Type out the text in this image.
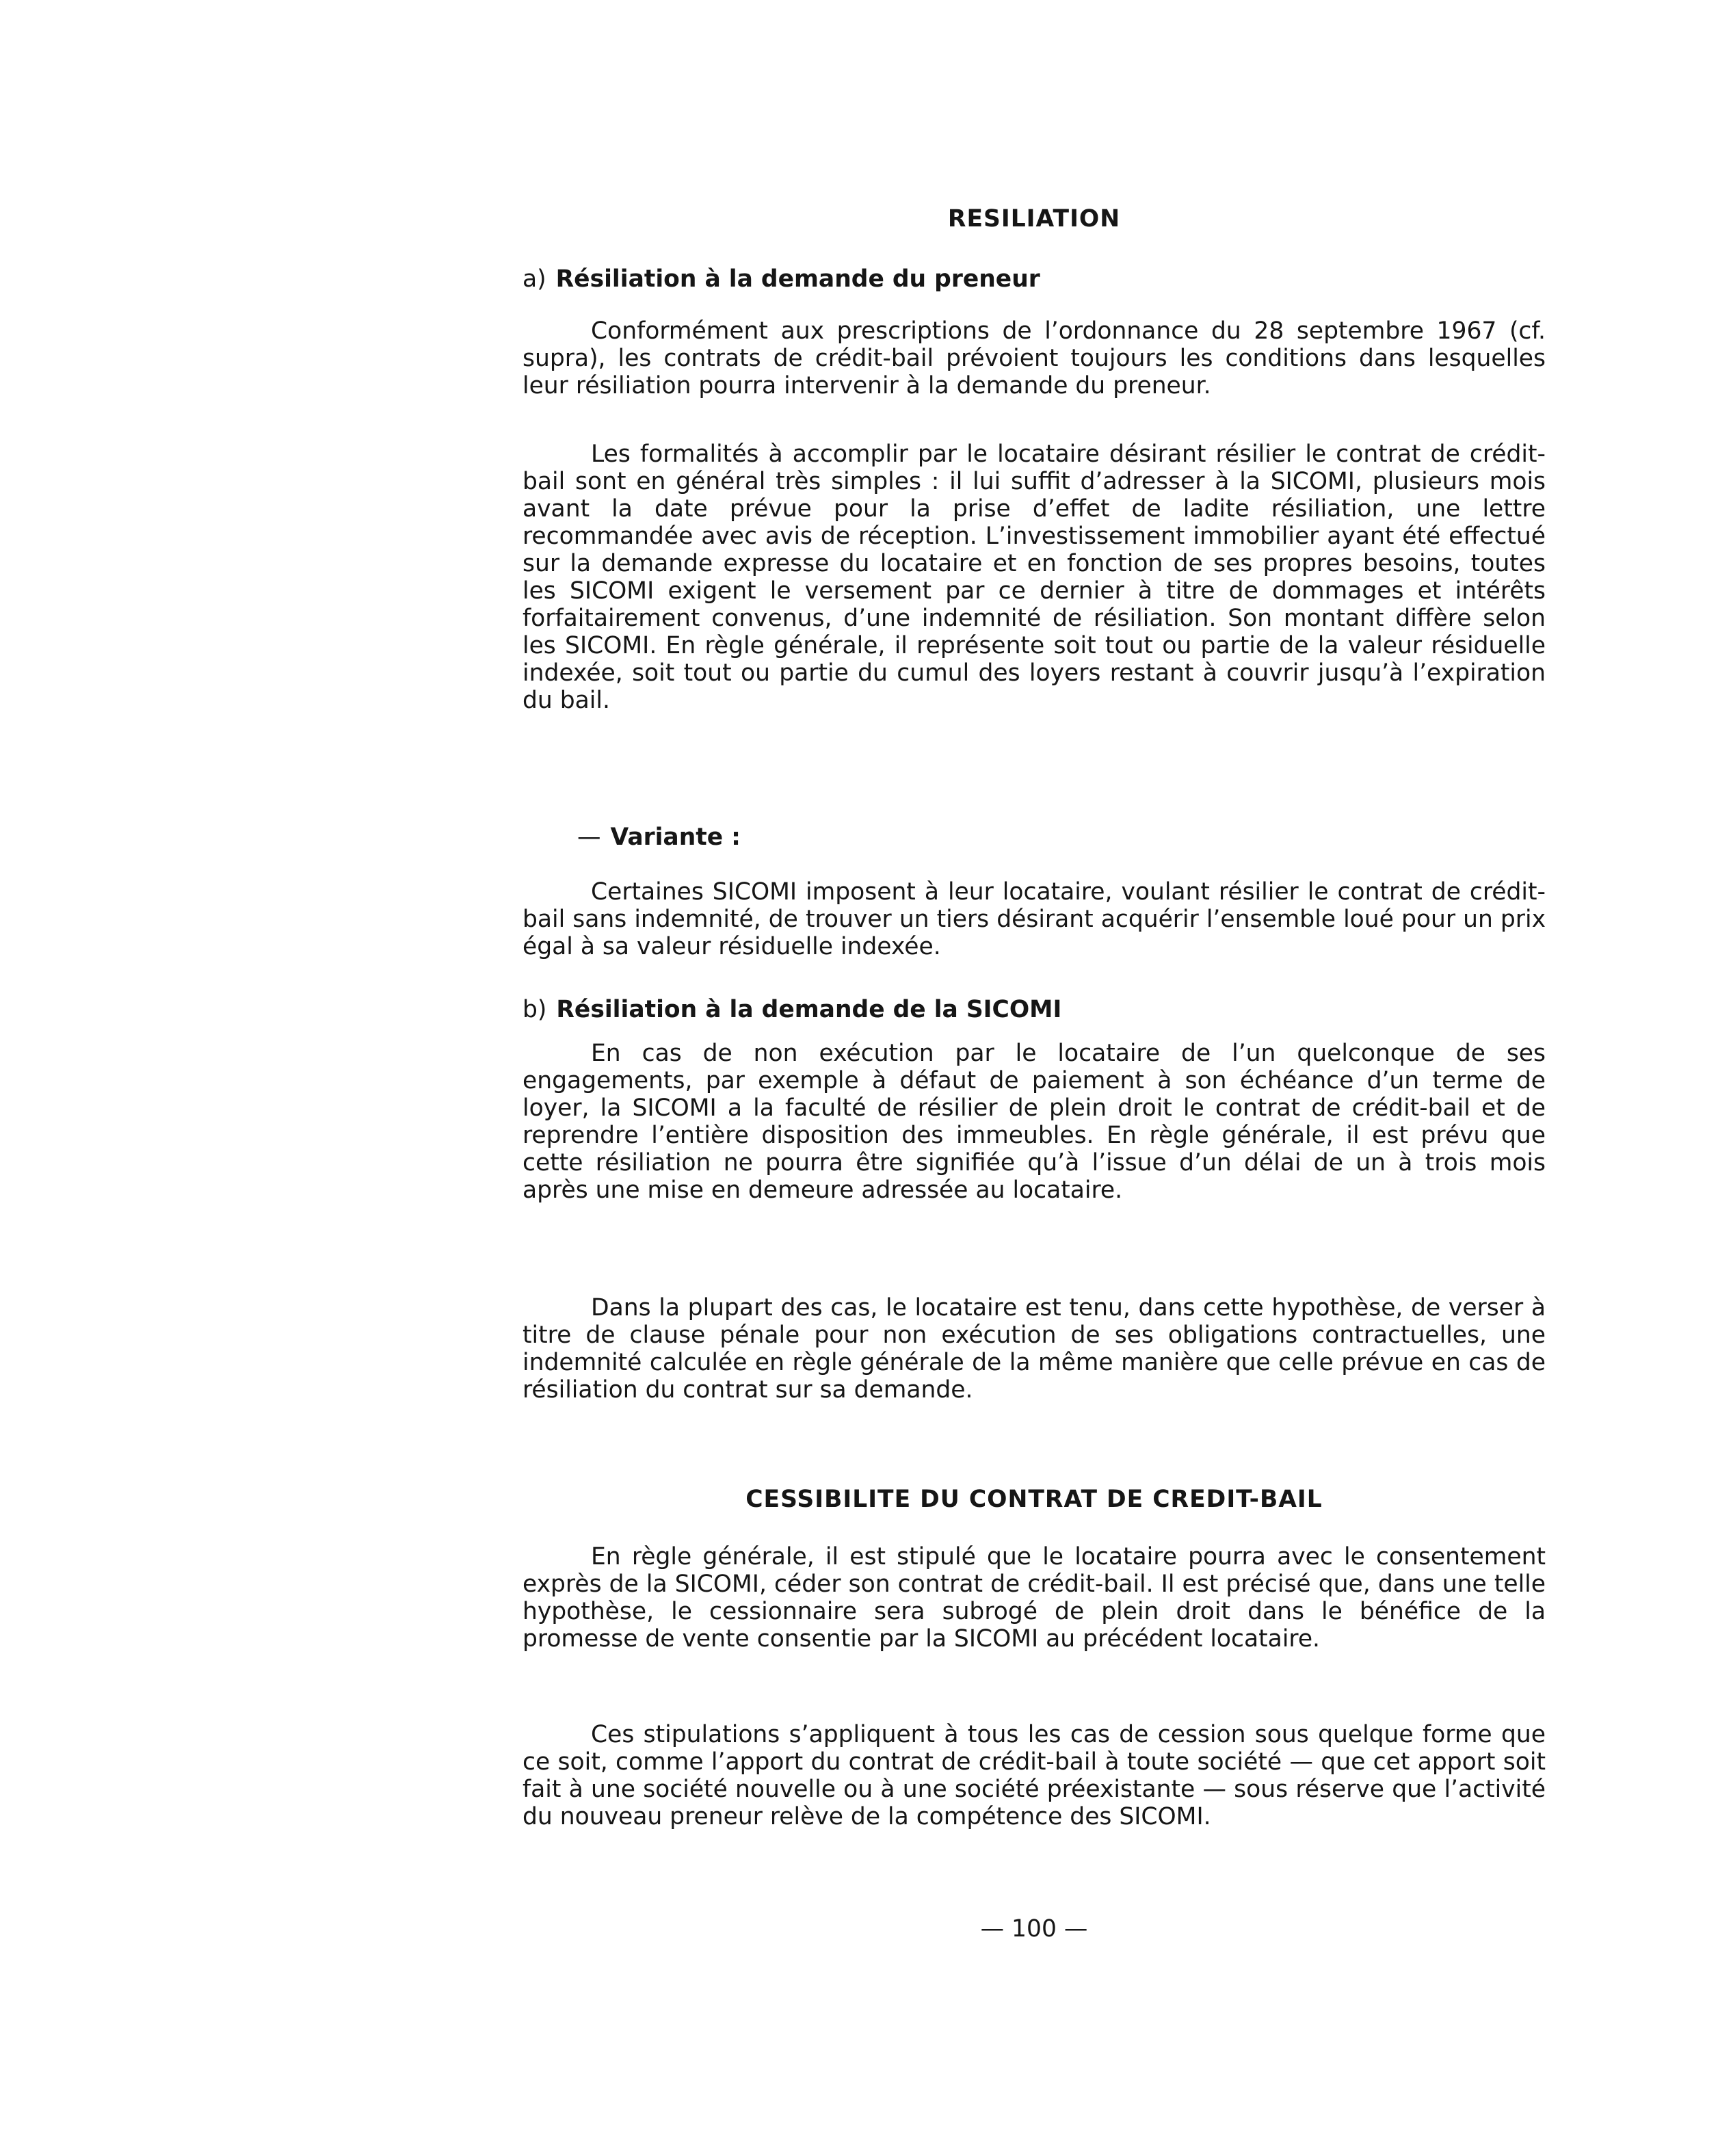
RESILIATION
a) Résiliation à la demande du preneur

Conformément aux prescriptions de l’ordonnance du 28 septembre 1967 (cf. supra), les contrats de crédit-bail prévoient toujours les conditions dans lesquelles leur résiliation pourra intervenir à la demande du preneur.

Les formalités à accomplir par le locataire désirant résilier le contrat de crédit-bail sont en général très simples : il lui suffit d’adresser à la SICOMI, plusieurs mois avant la date prévue pour la prise d’effet de ladite résiliation, une lettre recommandée avec avis de réception. L’investissement immobilier ayant été effectué sur la demande expresse du locataire et en fonction de ses propres besoins, toutes les SICOMI exigent le versement par ce dernier à titre de dommages et intérêts forfaitairement convenus, d’une indemnité de résiliation. Son montant diffère selon les SICOMI. En règle générale, il représente soit tout ou partie de la valeur résiduelle indexée, soit tout ou partie du cumul des loyers restant à couvrir jusqu’à l’expiration du bail.

— Variante :

Certaines SICOMI imposent à leur locataire, voulant résilier le contrat de crédit-bail sans indemnité, de trouver un tiers désirant acquérir l’ensemble loué pour un prix égal à sa valeur résiduelle indexée.

b) Résiliation à la demande de la SICOMI

En cas de non exécution par le locataire de l’un quelconque de ses engagements, par exemple à défaut de paiement à son échéance d’un terme de loyer, la SICOMI a la faculté de résilier de plein droit le contrat de crédit-bail et de reprendre l’entière disposition des immeubles. En règle générale, il est prévu que cette résiliation ne pourra être signifiée qu’à l’issue d’un délai de un à trois mois après une mise en demeure adressée au locataire.

Dans la plupart des cas, le locataire est tenu, dans cette hypothèse, de verser à titre de clause pénale pour non exécution de ses obligations contractuelles, une indemnité calculée en règle générale de la même manière que celle prévue en cas de résiliation du contrat sur sa demande.

CESSIBILITE DU CONTRAT DE CREDIT-BAIL

En règle générale, il est stipulé que le locataire pourra avec le consentement exprès de la SICOMI, céder son contrat de crédit-bail. Il est précisé que, dans une telle hypothèse, le cessionnaire sera subrogé de plein droit dans le bénéfice de la promesse de vente consentie par la SICOMI au précédent locataire.

Ces stipulations s’appliquent à tous les cas de cession sous quelque forme que ce soit, comme l’apport du contrat de crédit-bail à toute société — que cet apport soit fait à une société nouvelle ou à une société préexistante — sous réserve que l’activité du nouveau preneur relève de la compétence des SICOMI.

— 100 —
